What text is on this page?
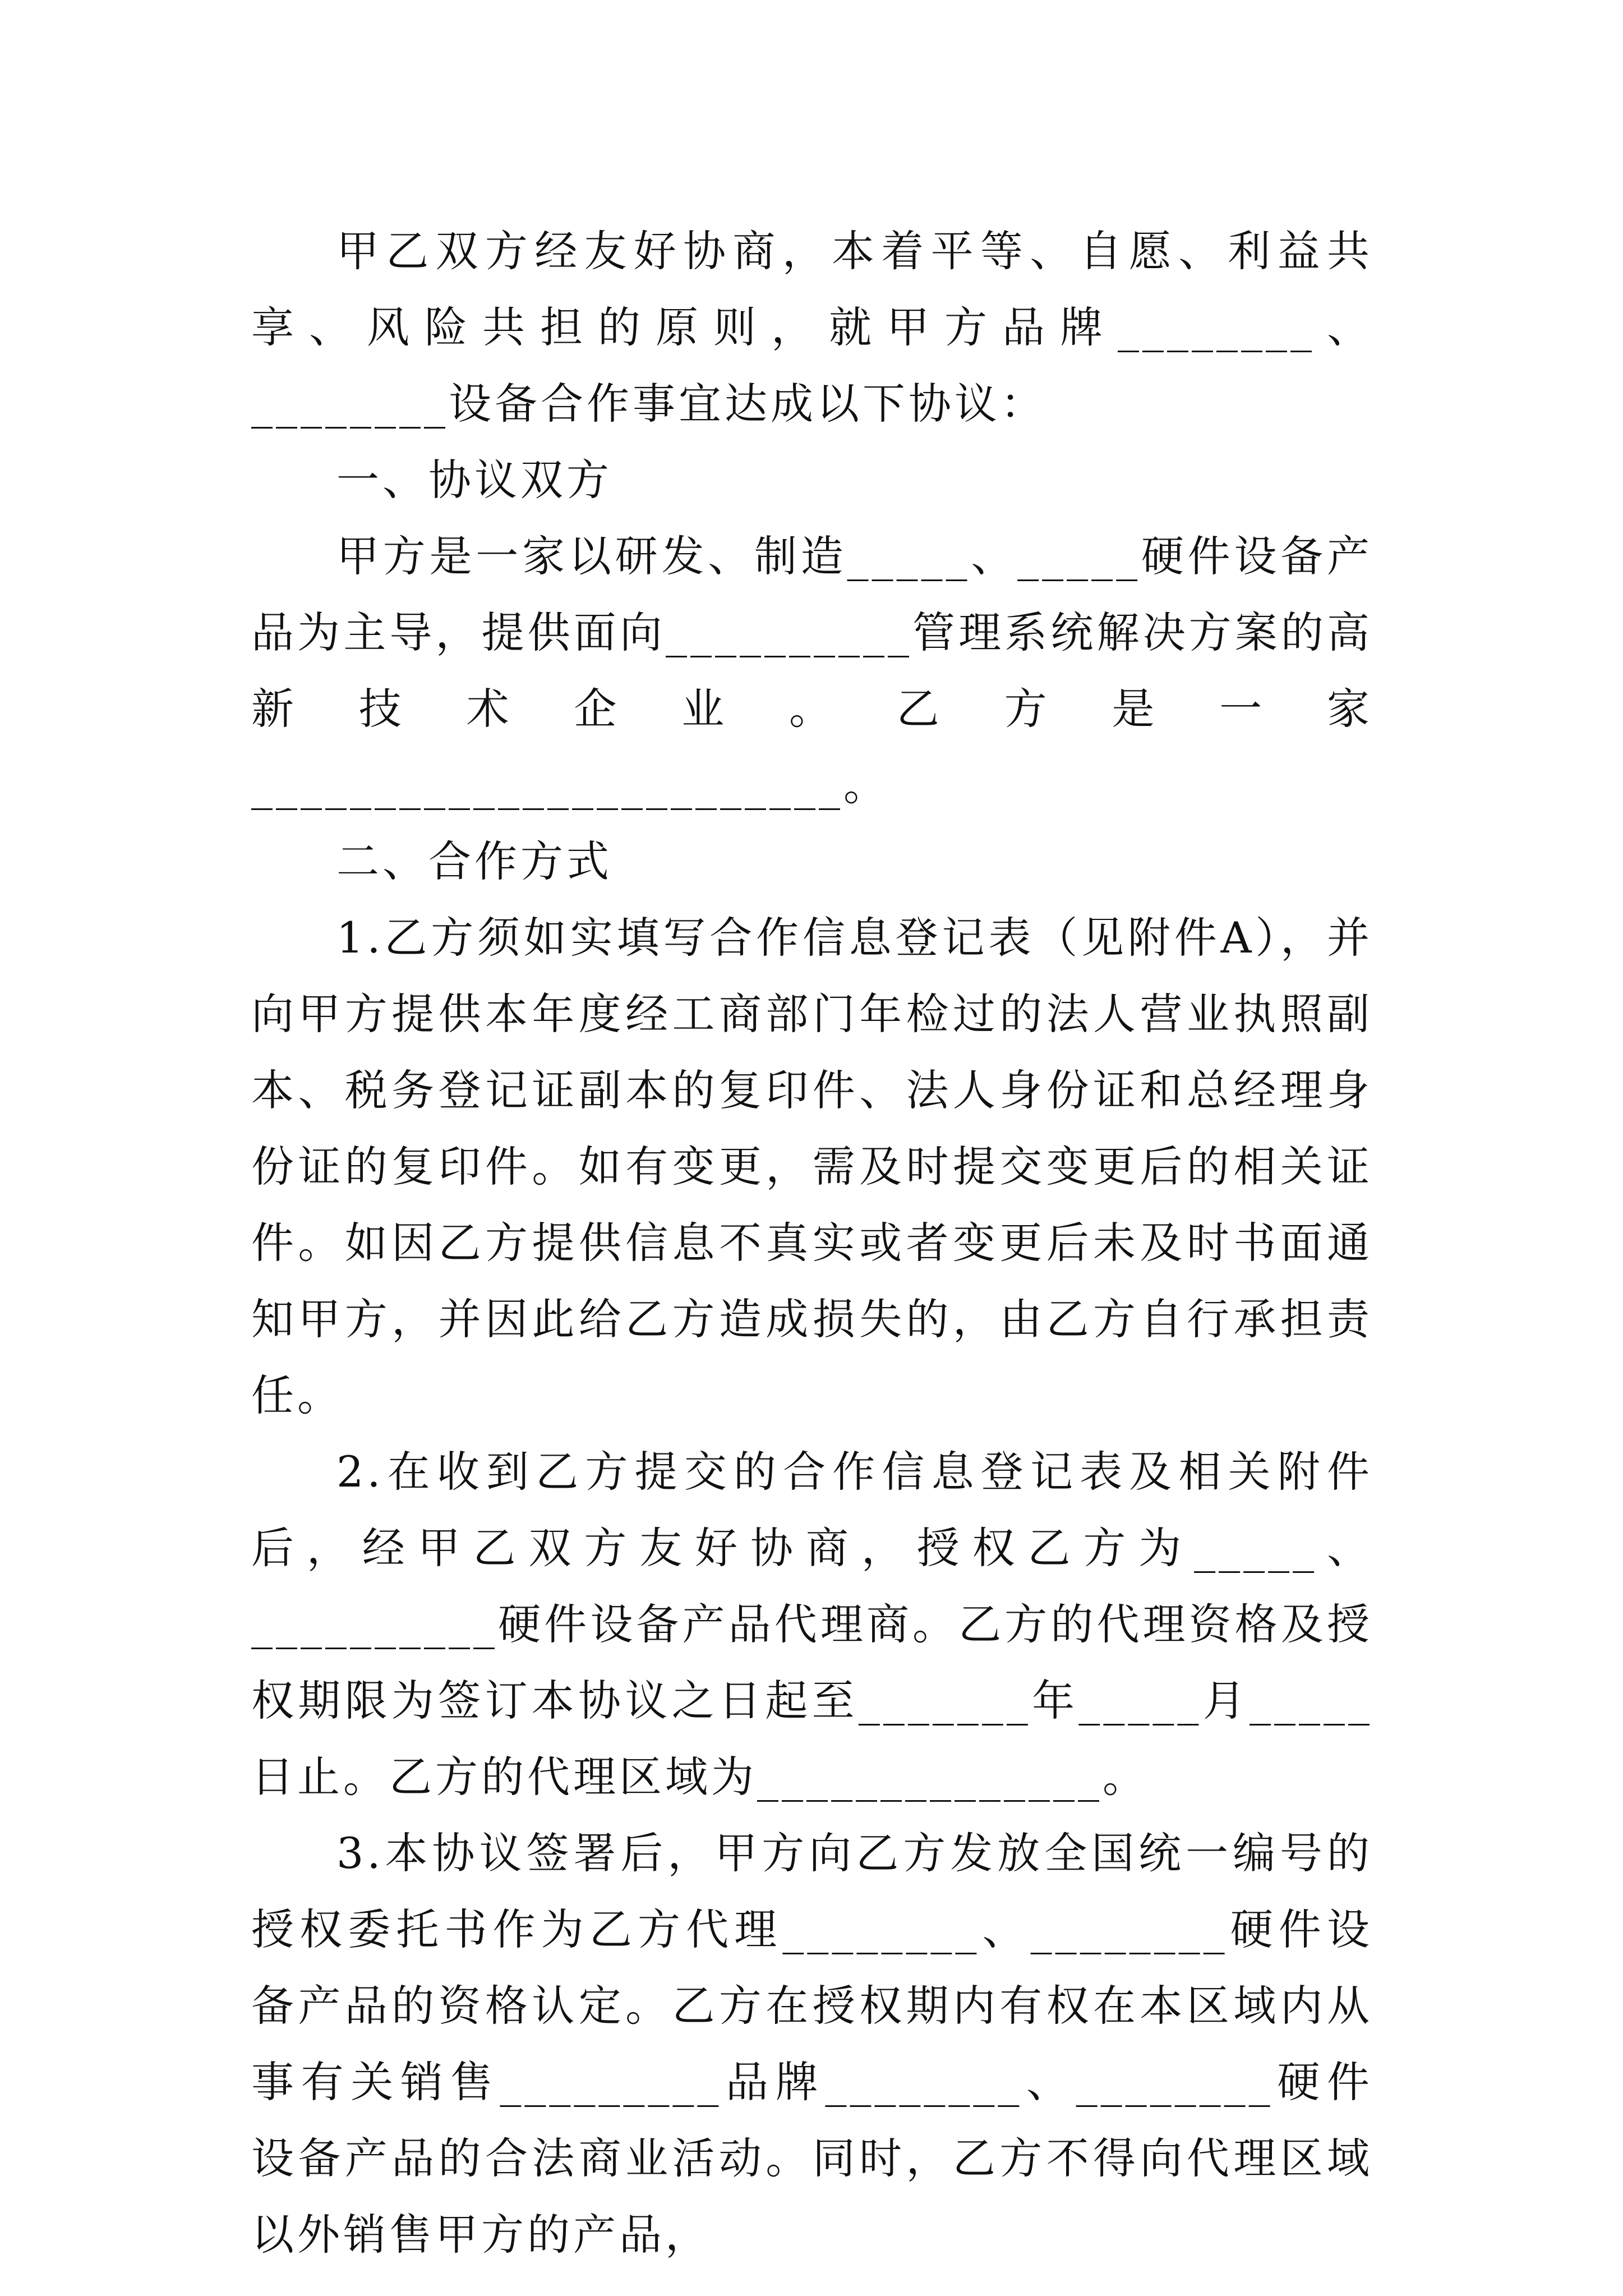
甲乙双方经友好协商，本着平等、自愿、利益共享、风险共担的原则，就甲方品牌________、________设备合作事宜达成以下协议：

一、协议双方

甲方是一家以研发、制造_____、_____硬件设备产品为主导，提供面向__________管理系统解决方案的高新技术企业。乙方是一家________________________。

二、合作方式

1.乙方须如实填写合作信息登记表（见附件A），并向甲方提供本年度经工商部门年检过的法人营业执照副本、税务登记证副本的复印件、法人身份证和总经理身份证的复印件。如有变更，需及时提交变更后的相关证件。如因乙方提供信息不真实或者变更后未及时书面通知甲方，并因此给乙方造成损失的，由乙方自行承担责任。

2.在收到乙方提交的合作信息登记表及相关附件后，经甲乙双方友好协商，授权乙方为_____、__________硬件设备产品代理商。乙方的代理资格及授权期限为签订本协议之日起至_______年_____月_____日止。乙方的代理区域为______________。

3.本协议签署后，甲方向乙方发放全国统一编号的授权委托书作为乙方代理________、________硬件设备产品的资格认定。乙方在授权期内有权在本区域内从事有关销售_________品牌________、________硬件设备产品的合法商业活动。同时，乙方不得向代理区域以外销售甲方的产品，
